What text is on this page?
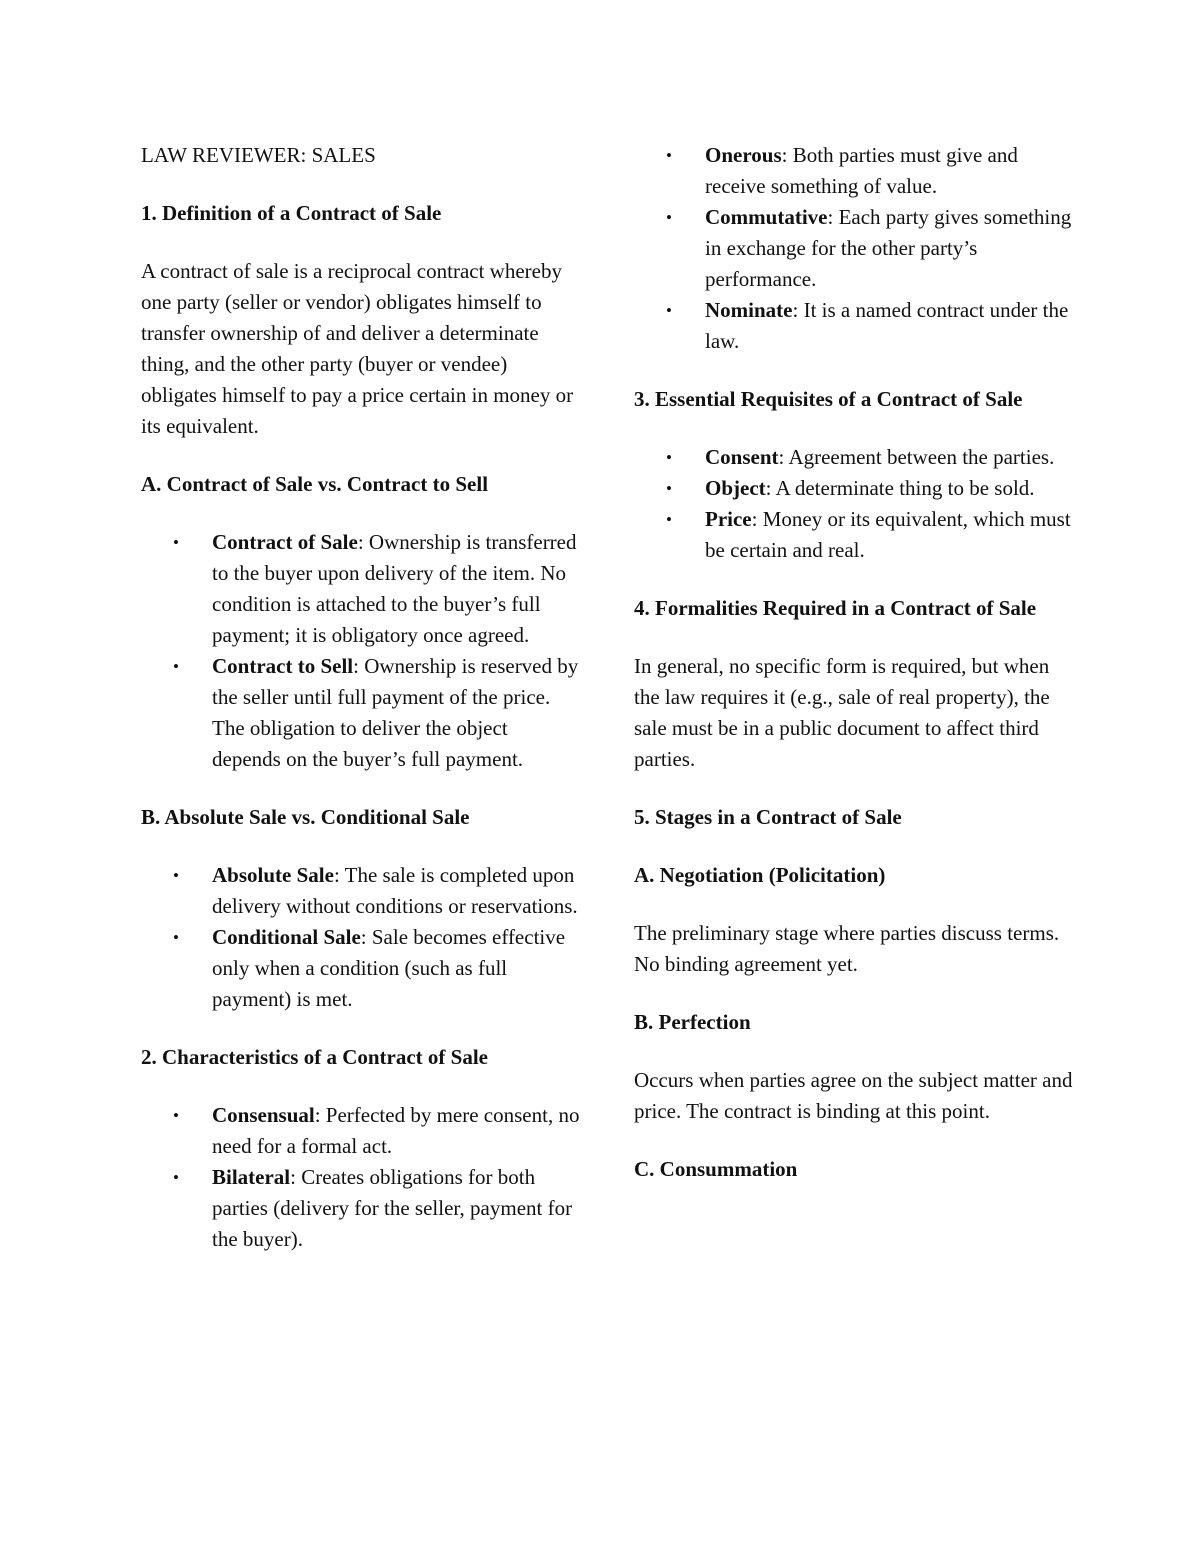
LAW REVIEWER: SALES
1. Definition of a Contract of Sale

A contract of sale is a reciprocal contract whereby one party (seller or vendor) obligates himself to transfer ownership of and deliver a determinate thing, and the other party (buyer or vendee) obligates himself to pay a price certain in money or its equivalent.

A. Contract of Sale vs. Contract to Sell
• Contract of Sale: Ownership is transferred to the buyer upon delivery of the item. No condition is attached to the buyer’s full payment; it is obligatory once agreed.
• Contract to Sell: Ownership is reserved by the seller until full payment of the price. The obligation to deliver the object depends on the buyer’s full payment.
B. Absolute Sale vs. Conditional Sale
• Absolute Sale: The sale is completed upon delivery without conditions or reservations.
• Conditional Sale: Sale becomes effective only when a condition (such as full payment) is met.
2. Characteristics of a Contract of Sale
• Consensual: Perfected by mere consent, no need for a formal act.
• Bilateral: Creates obligations for both parties (delivery for the seller, payment for the buyer).
• Onerous: Both parties must give and receive something of value.
• Commutative: Each party gives something in exchange for the other party’s performance.
• Nominate: It is a named contract under the law.
3. Essential Requisites of a Contract of Sale
• Consent: Agreement between the parties.
• Object: A determinate thing to be sold.
• Price: Money or its equivalent, which must be certain and real.
4. Formalities Required in a Contract of Sale

In general, no specific form is required, but when the law requires it (e.g., sale of real property), the sale must be in a public document to affect third parties.

5. Stages in a Contract of Sale
A. Negotiation (Policitation)

The preliminary stage where parties discuss terms. No binding agreement yet.

B. Perfection

Occurs when parties agree on the subject matter and price. The contract is binding at this point.

C. Consummation
